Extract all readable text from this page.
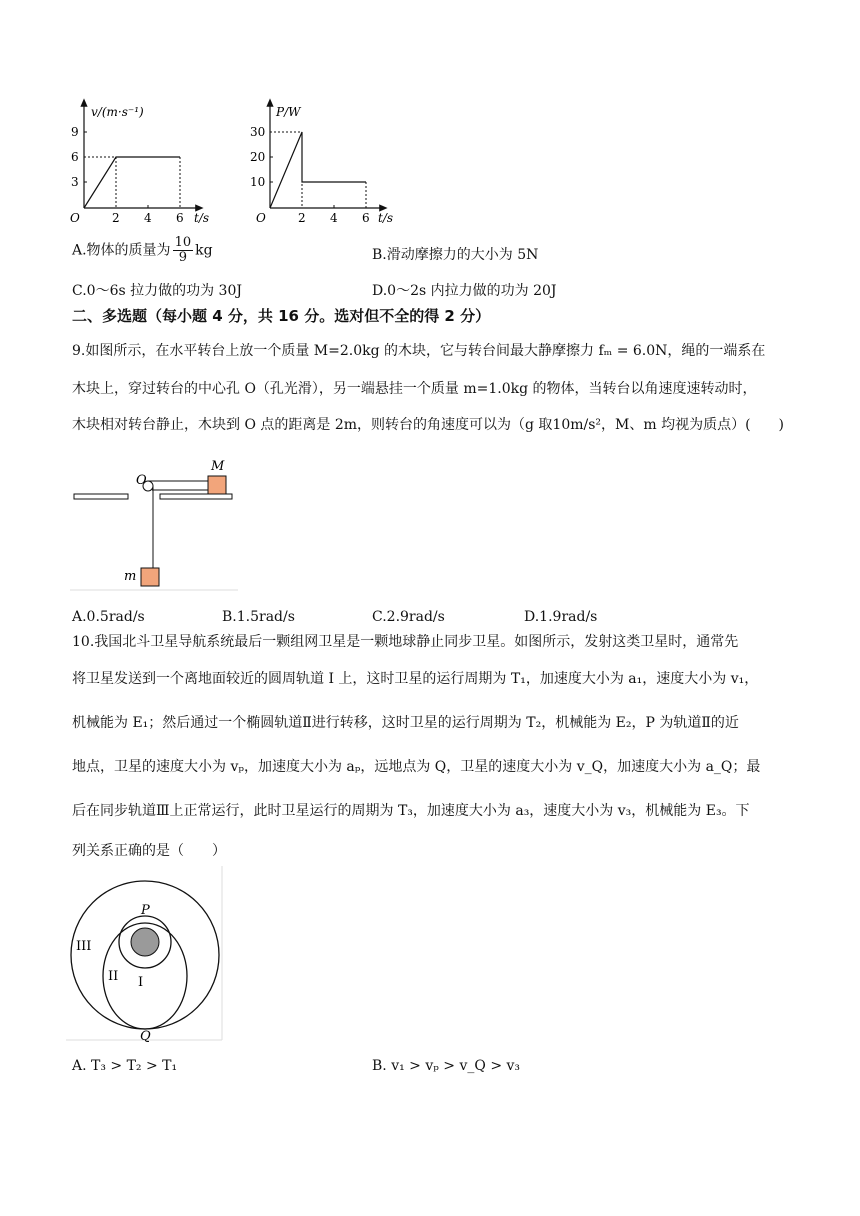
v/(m·s⁻¹)
t/s
O
3
6
9
2 4 6
P/W
t/s
O
10
20
30
2 4 6
A.物体的质量为 $\frac{10}{9}$ kg	B.滑动摩擦力的大小为 5N
C.0～6s 拉力做的功为 30J	D.0～2s 内拉力做的功为 20J
二、多选题（每小题 4 分，共 16 分。选对但不全的得 2 分）
9.如图所示，在水平转台上放一个质量 M=2.0kg 的木块，它与转台间最大静摩擦力 fₘ = 6.0N，绳的一端系在
木块上，穿过转台的中心孔 O（孔光滑），另一端悬挂一个质量 m=1.0kg 的物体，当转台以角速度速转动时，
木块相对转台静止，木块到 O 点的距离是 2m，则转台的角速度可以为（g 取10m/s²，M、m 均视为质点）(　　)
O
M
m
A.0.5rad/s	B.1.5rad/s	C.2.9rad/s	D.1.9rad/s
10.我国北斗卫星导航系统最后一颗组网卫星是一颗地球静止同步卫星。如图所示，发射这类卫星时，通常先
将卫星发送到一个离地面较近的圆周轨道 I 上，这时卫星的运行周期为 T₁，加速度大小为 a₁，速度大小为 v₁，
机械能为 E₁；然后通过一个椭圆轨道Ⅱ进行转移，这时卫星的运行周期为 T₂，机械能为 E₂，P 为轨道Ⅱ的近
地点，卫星的速度大小为 vₚ，加速度大小为 aₚ，远地点为 Q，卫星的速度大小为 v_Q，加速度大小为 a_Q；最
后在同步轨道Ⅲ上正常运行，此时卫星运行的周期为 T₃，加速度大小为 a₃，速度大小为 v₃，机械能为 E₃。下
列关系正确的是（　　）
P
Q
I
II
III
A. T₃ > T₂ > T₁	B. v₁ > vₚ > v_Q > v₃
